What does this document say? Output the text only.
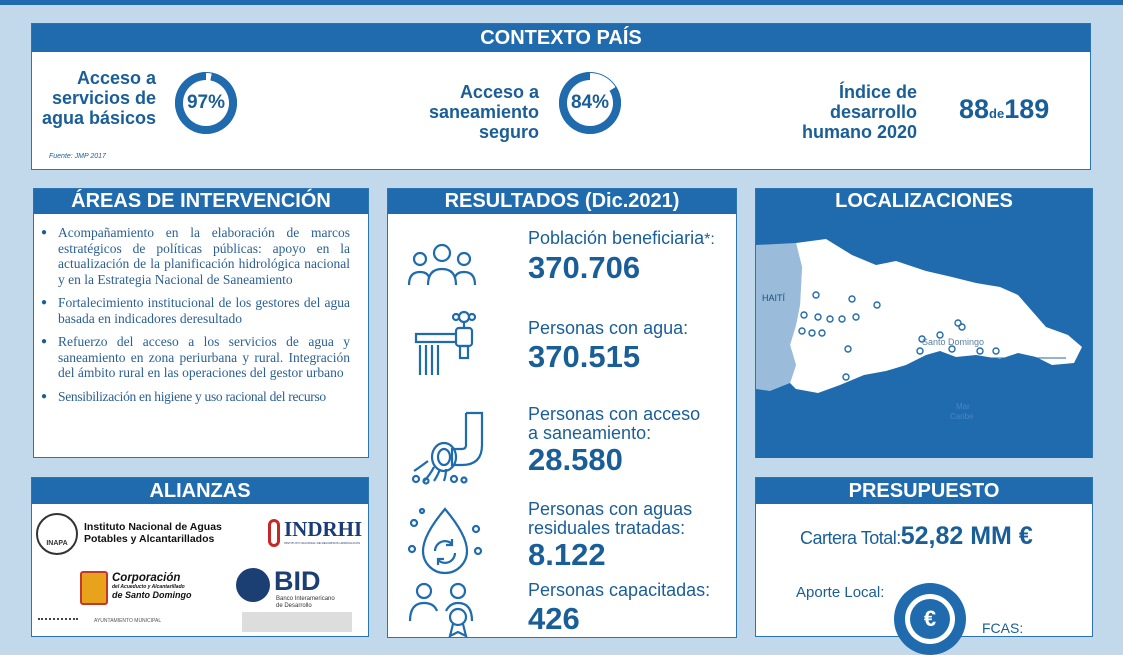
CONTEXTO PAÍS
Acceso a
servicios de
agua básicos
97%
Fuente: JMP 2017
Acceso a
saneamiento
seguro
84%	Índice de
desarrollo
humano 2020
88de189
ÁREAS DE INTERVENCIÓN
● Acompañamiento en la elaboración de marcos estratégicos de políticas públicas: apoyo en la actualización de la planificación hidrológica nacional y en la Estrategia Nacional de Saneamiento
● Fortalecimiento institucional de los gestores del agua basada en indicadores deresultado
● Refuerzo del acceso a los servicios de agua y saneamiento en zona periurbana y rural. Integración del ámbito rural en las operaciones del gestor urbano
● Sensibilización en higiene y uso racional del recurso
RESULTADOS (Dic.2021)
Población beneficiaria*:
370.706
Personas con agua:
370.515
Personas con acceso
a saneamiento:
28.580
Personas con aguas
residuales tratadas:
8.122
Personas capacitadas:
426
LOCALIZACIONES
HAITÍ
Santo Domingo
Mar
Caribe
ALIANZAS
INAPA
Instituto Nacional de Aguas
Potables y Alcantarillados	INDRHI
INSTITUTO NACIONAL DE RECURSOS HIDRÁULICOS
Corporación
del Acueducto y Alcantarillado
de Santo Domingo	BID
Banco Interamericano
de Desarrollo
AYUNTAMIENTO MUNICIPAL
PRESUPUESTO
Cartera Total:52,82 MM €
Aporte Local:
€	FCAS:
